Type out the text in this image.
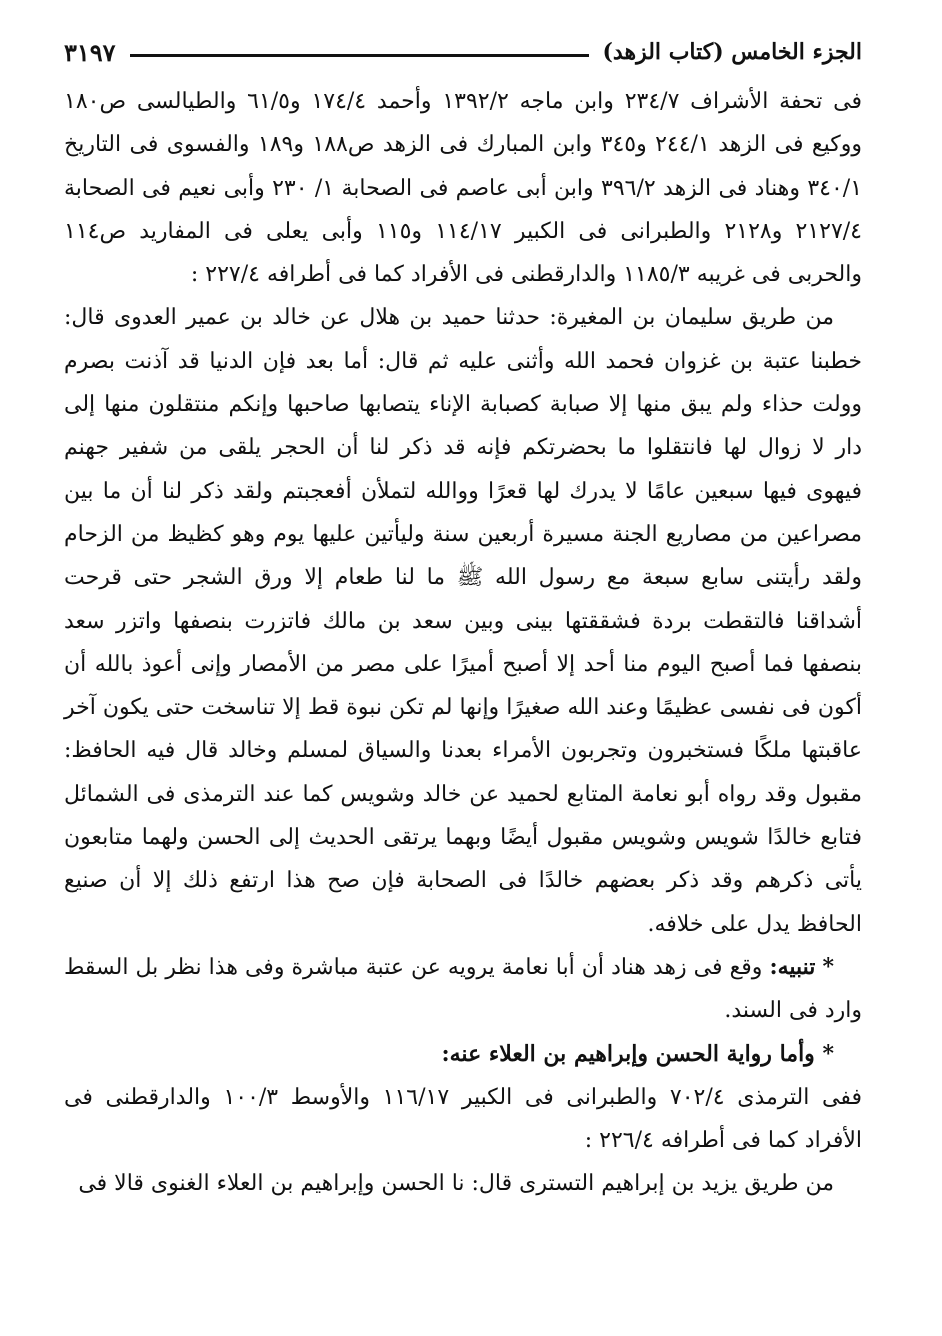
الجزء الخامس (كتاب الزهد)
٣١٩٧

فى تحفة الأشراف ٢٣٤/٧ وابن ماجه ١٣٩٢/٢ وأحمد ١٧٤/٤ و٦١/٥ والطيالسى ص١٨٠ ووكيع فى الزهد ٢٤٤/١ و٣٤٥ وابن المبارك فى الزهد ص١٨٨ و١٨٩ والفسوى فى التاريخ ٣٤٠/١ وهناد فى الزهد ٣٩٦/٢ وابن أبى عاصم فى الصحابة ١/ ٢٣٠ وأبى نعيم فى الصحابة ٢١٢٧/٤ و٢١٢٨ والطبرانى فى الكبير ١١٤/١٧ و١١٥ وأبى يعلى فى المفاريد ص١١٤ والحربى فى غريبه ١١٨٥/٣ والدارقطنى فى الأفراد كما فى أطرافه ٢٢٧/٤ :

من طريق سليمان بن المغيرة: حدثنا حميد بن هلال عن خالد بن عمير العدوى قال: خطبنا عتبة بن غزوان فحمد الله وأثنى عليه ثم قال: أما بعد فإن الدنيا قد آذنت بصرم وولت حذاء ولم يبق منها إلا صبابة كصبابة الإناء يتصابها صاحبها وإنكم منتقلون منها إلى دار لا زوال لها فانتقلوا ما بحضرتكم فإنه قد ذكر لنا أن الحجر يلقى من شفير جهنم فيهوى فيها سبعين عامًا لا يدرك لها قعرًا ووالله لتملأن أفعجبتم ولقد ذكر لنا أن ما بين مصراعين من مصاريع الجنة مسيرة أربعين سنة وليأتين عليها يوم وهو كظيظ من الزحام ولقد رأيتنى سابع سبعة مع رسول الله ﷺ ما لنا طعام إلا ورق الشجر حتى قرحت أشداقنا فالتقطت بردة فشققتها بينى وبين سعد بن مالك فاتزرت بنصفها واتزر سعد بنصفها فما أصبح اليوم منا أحد إلا أصبح أميرًا على مصر من الأمصار وإنى أعوذ بالله أن أكون فى نفسى عظيمًا وعند الله صغيرًا وإنها لم تكن نبوة قط إلا تناسخت حتى يكون آخر عاقبتها ملكًا فستخبرون وتجربون الأمراء بعدنا والسياق لمسلم وخالد قال فيه الحافظ: مقبول وقد رواه أبو نعامة المتابع لحميد عن خالد وشويس كما عند الترمذى فى الشمائل فتابع خالدًا شويس وشويس مقبول أيضًا وبهما يرتقى الحديث إلى الحسن ولهما متابعون يأتى ذكرهم وقد ذكر بعضهم خالدًا فى الصحابة فإن صح هذا ارتفع ذلك إلا أن صنيع الحافظ يدل على خلافه.

* تنبيه: وقع فى زهد هناد أن أبا نعامة يرويه عن عتبة مباشرة وفى هذا نظر بل السقط وارد فى السند.

* وأما رواية الحسن وإبراهيم بن العلاء عنه:

ففى الترمذى ٧٠٢/٤ والطبرانى فى الكبير ١١٦/١٧ والأوسط ١٠٠/٣ والدارقطنى فى الأفراد كما فى أطرافه ٢٢٦/٤ :

من طريق يزيد بن إبراهيم التسترى قال: نا الحسن وإبراهيم بن العلاء الغنوى قالا فى
